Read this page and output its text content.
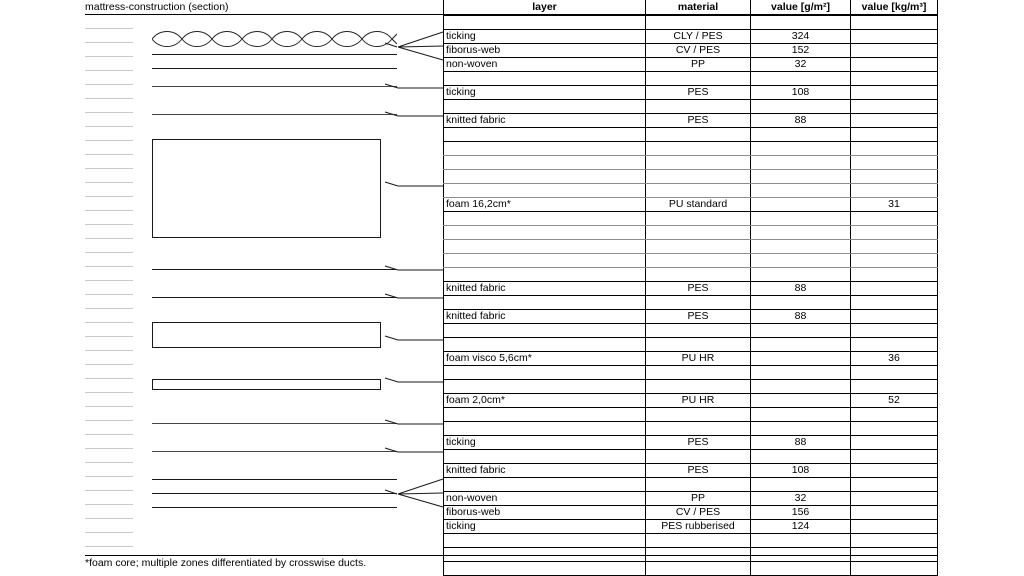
mattress-construction (section)	layer	material	value [g/m²]	value [kg/m³]

ticking	CLY / PES	324	
fiborus-web	CV / PES	152	
non-woven	PP	32	

ticking	PES	108	

knitted fabric	PES	88	

foam 16,2cm*	PU standard		31

knitted fabric	PES	88	

knitted fabric	PES	88	

foam visco 5,6cm*	PU HR		36

foam 2,0cm*	PU HR		52

ticking	PES	88	

knitted fabric	PES	108	

non-woven	PP	32	
fiborus-web	CV / PES	156	
ticking	PES rubberised	124	

*foam core; multiple zones differentiated by crosswise ducts.
